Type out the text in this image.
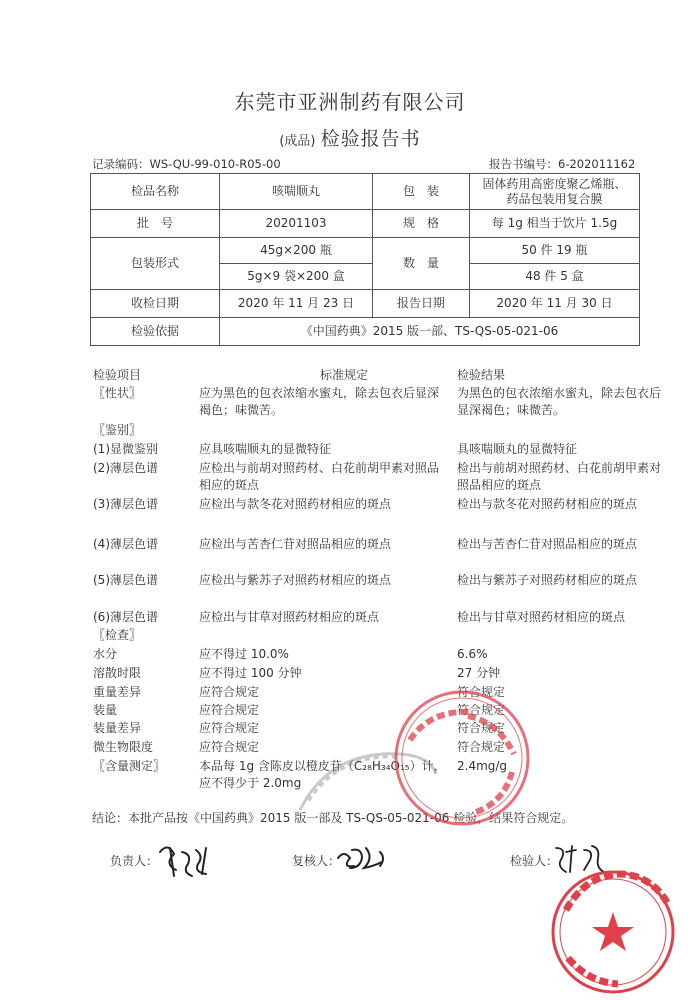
东莞市亚洲制药有限公司
(成品) 检验报告书
记录编码：WS-QU-99-010-R05-00	报告书编号：6-202011162
检品名称	咳喘顺丸	包　装	固体药用高密度聚乙烯瓶、
药品包装用复合膜

批　号	20201103	规　格	每 1g 相当于饮片 1.5g
包装形式	45g×200 瓶	数　量	50 件 19 瓶
	5g×9 袋×200 盒		48 件 5 盒
收检日期	2020 年 11 月 23 日	报告日期	2020 年 11 月 30 日
检验依据	《中国药典》2015 版一部、TS-QS-05-021-06		
检验项目	标准规定	检验结果
〖性状〗	应为黑色的包衣浓缩水蜜丸，除去包衣后显深褐色；味微苦。
为黑色的包衣浓缩水蜜丸，除去包衣后显深褐色；味微苦。
〖鉴别〗
(1)显微鉴别	应具咳喘顺丸的显微特征	具咳喘顺丸的显微特征
(2)薄层色谱	应检出与前胡对照药材、白花前胡甲素对照品相应的斑点
检出与前胡对照药材、白花前胡甲素对照品相应的斑点
(3)薄层色谱	应检出与款冬花对照药材相应的斑点	检出与款冬花对照药材相应的斑点
(4)薄层色谱	应检出与苦杏仁苷对照品相应的斑点	检出与苦杏仁苷对照品相应的斑点
(5)薄层色谱	应检出与紫苏子对照药材相应的斑点	检出与紫苏子对照药材相应的斑点
(6)薄层色谱	应检出与甘草对照药材相应的斑点	检出与甘草对照药材相应的斑点
〖检查〗
水分	应不得过 10.0%	6.6%
溶散时限	应不得过 100 分钟	27 分钟
重量差异	应符合规定	符合规定
装量	应符合规定	符合规定
装量差异	应符合规定	符合规定
微生物限度	应符合规定	符合规定
〖含量测定〗	本品每 1g 含陈皮以橙皮苷（C₂₈H₃₄O₁₅）计，应不得少于 2.0mg
2.4mg/g
结论：本批产品按《中国药典》2015 版一部及 TS-QS-05-021-06 检验，结果符合规定。
负责人：	复核人：	检验人：
